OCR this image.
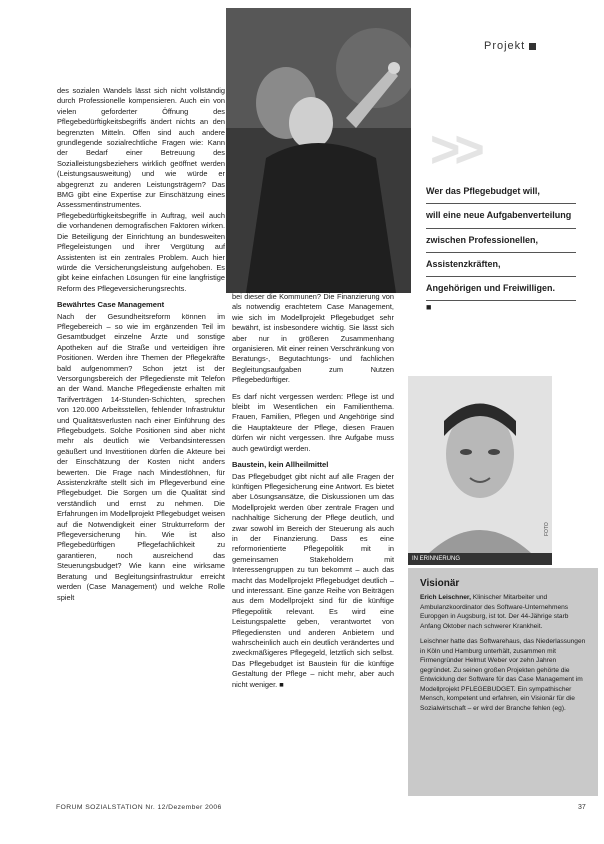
Projekt
>>

des sozialen Wandels lässt sich nicht vollständig durch Professionelle kompensieren. Auch ein von vielen geforderter Öffnung des Pflegebedürftigkeitsbegriffs ändert nichts an den begrenzten Mitteln. Offen sind auch andere grundlegende sozialrechtliche Fragen wie: Kann der Bedarf einer Betreuung des Sozialleistungsbeziehers wirklich geöffnet werden (Leistungsausweitung) und wie würde er abgegrenzt zu anderen Leistungsträgern? Das BMG gibt eine Expertise zur Einschätzung eines Assessmentinstrumentes. Pflegebedürftigkeitsbegriffe in Auftrag, weil auch die vorhandenen demografischen Faktoren wirken. Die Beteiligung der Einrichtung an bundesweiten Pflegeleistungen und ihrer Vergütung auf Assistenten ist ein zentrales Problem. Auch hier würde die Versicherungsleistung aufgehoben. Es gibt keine einfachen Lösungen für eine langfristige Reform des Pflegeversicherungsrechts.

Bewährtes Case Management

Nach der Gesundheitsreform können im Pflegebereich – so wie im ergänzenden Teil im Gesamtbudget einzelne Ärzte und sonstige Apotheken auf die Straße und verteidigen ihre Positionen. Werden ihre Themen der Pflegekräfte bald aufgenommen? Schon jetzt ist der Versorgungsbereich der Pflegedienste mit Telefon an der Wand. Manche Pflegedienste erhalten mit Tarifverträgen 14-Stunden-Schichten, sprechen von 120.000 Arbeitsstellen, fehlender Infrastruktur und Qualitätsverlusten nach einer Einführung des Pflegebudgets. Solche Positionen sind aber nicht mehr als deutlich wie Verbandsinteressen geäußert und Investitionen dürfen die Akteure bei der Einschätzung der Kosten nicht anders bewerten. Die Frage nach Mindestlöhnen, für Assistenzkräfte stellt sich im Pflegeverbund eine Pflegebudget. Die Sorgen um die Qualität sind verständlich und ernst zu nehmen. Die Erfahrungen im Modellprojekt Pflegebudget weisen auf die Notwendigkeit einer Strukturreform der Pflegeversicherung hin. Wie ist also Pflegebedürftigen Pflegefachlichkeit zu garantieren, noch ausreichend das Steuerungsbudget? Wie kann eine wirksame Beratung und Begleitungsinfrastruktur erreicht werden (Case Management) und welche Rolle spielt

bei dieser die Kommunen? Die Finanzierung von als notwendig erachtetem Case Management, wie sich im Modellprojekt Pflegebudget sehr bewährt, ist insbesondere wichtig. Sie lässt sich aber nur in größeren Zusammenhang organisieren. Mit einer reinen Verschränkung von Beratungs-, Begutachtungs- und fachlichen Begleitungsaufgaben zum Nutzen Pflegebedürftiger.

Es darf nicht vergessen werden: Pflege ist und bleibt im Wesentlichen ein Familienthema. Frauen, Familien, Pflegen und Angehörige sind die Hauptakteure der Pflege, diesen Frauen dürfen wir nicht vergessen. Ihre Aufgabe muss auch gewürdigt werden.

Baustein, kein Allheilmittel

Das Pflegebudget gibt nicht auf alle Fragen der künftigen Pflegesicherung eine Antwort. Es bietet aber Lösungsansätze, die Diskussionen um das Modellprojekt werden über zentrale Fragen und nachhaltige Sicherung der Pflege deutlich, und zwar sowohl im Bereich der Steuerung als auch in der Finanzierung. Dass es eine reformorientierte Pflegepolitik mit in gemeinsamen Stakeholdern mit Interessengruppen zu tun bekommt – auch das macht das Modellprojekt Pflegebudget deutlich – und interessant. Eine ganze Reihe von Beiträgen aus dem Modellprojekt sind für die künftige Pflegepolitik relevant. Es wird eine Leistungspalette geben, verantwortet von Pflegediensten und anderen Anbietern und wahrscheinlich auch ein deutlich verändertes und zweckmäßigeres Pflegegeld, letztlich sich selbst. Das Pflegebudget ist Baustein für die künftige Gestaltung der Pflege – nicht mehr, aber auch nicht weniger. ■

Wer das Pflegebudget will,
will eine neue Aufgabenverteilung
zwischen Professionellen,
Assistenzkräften,
Angehörigen und Freiwilligen.
■
IN ERINNERUNG
FOTO
Visionär

Erich Leischner, Klinischer Mitarbeiter und Ambulanzkoordinator des Software-Unternehmens Europgen in Augsburg, ist tot. Der 44-Jährige starb Anfang Oktober nach schwerer Krankheit.

Leischner hatte das Softwarehaus, das Niederlassungen in Köln und Hamburg unterhält, zusammen mit Firmengründer Helmut Weber vor zehn Jahren gegründet. Zu seinen großen Projekten gehörte die Entwicklung der Software für das Case Management im Modellprojekt PFLEGEBUDGET. Ein sympathischer Mensch, kompetent und erfahren, ein Visionär für die Sozialwirtschaft – er wird der Branche fehlen (eg).

FORUM SOZIALSTATION Nr. 12/Dezember 2006	37
